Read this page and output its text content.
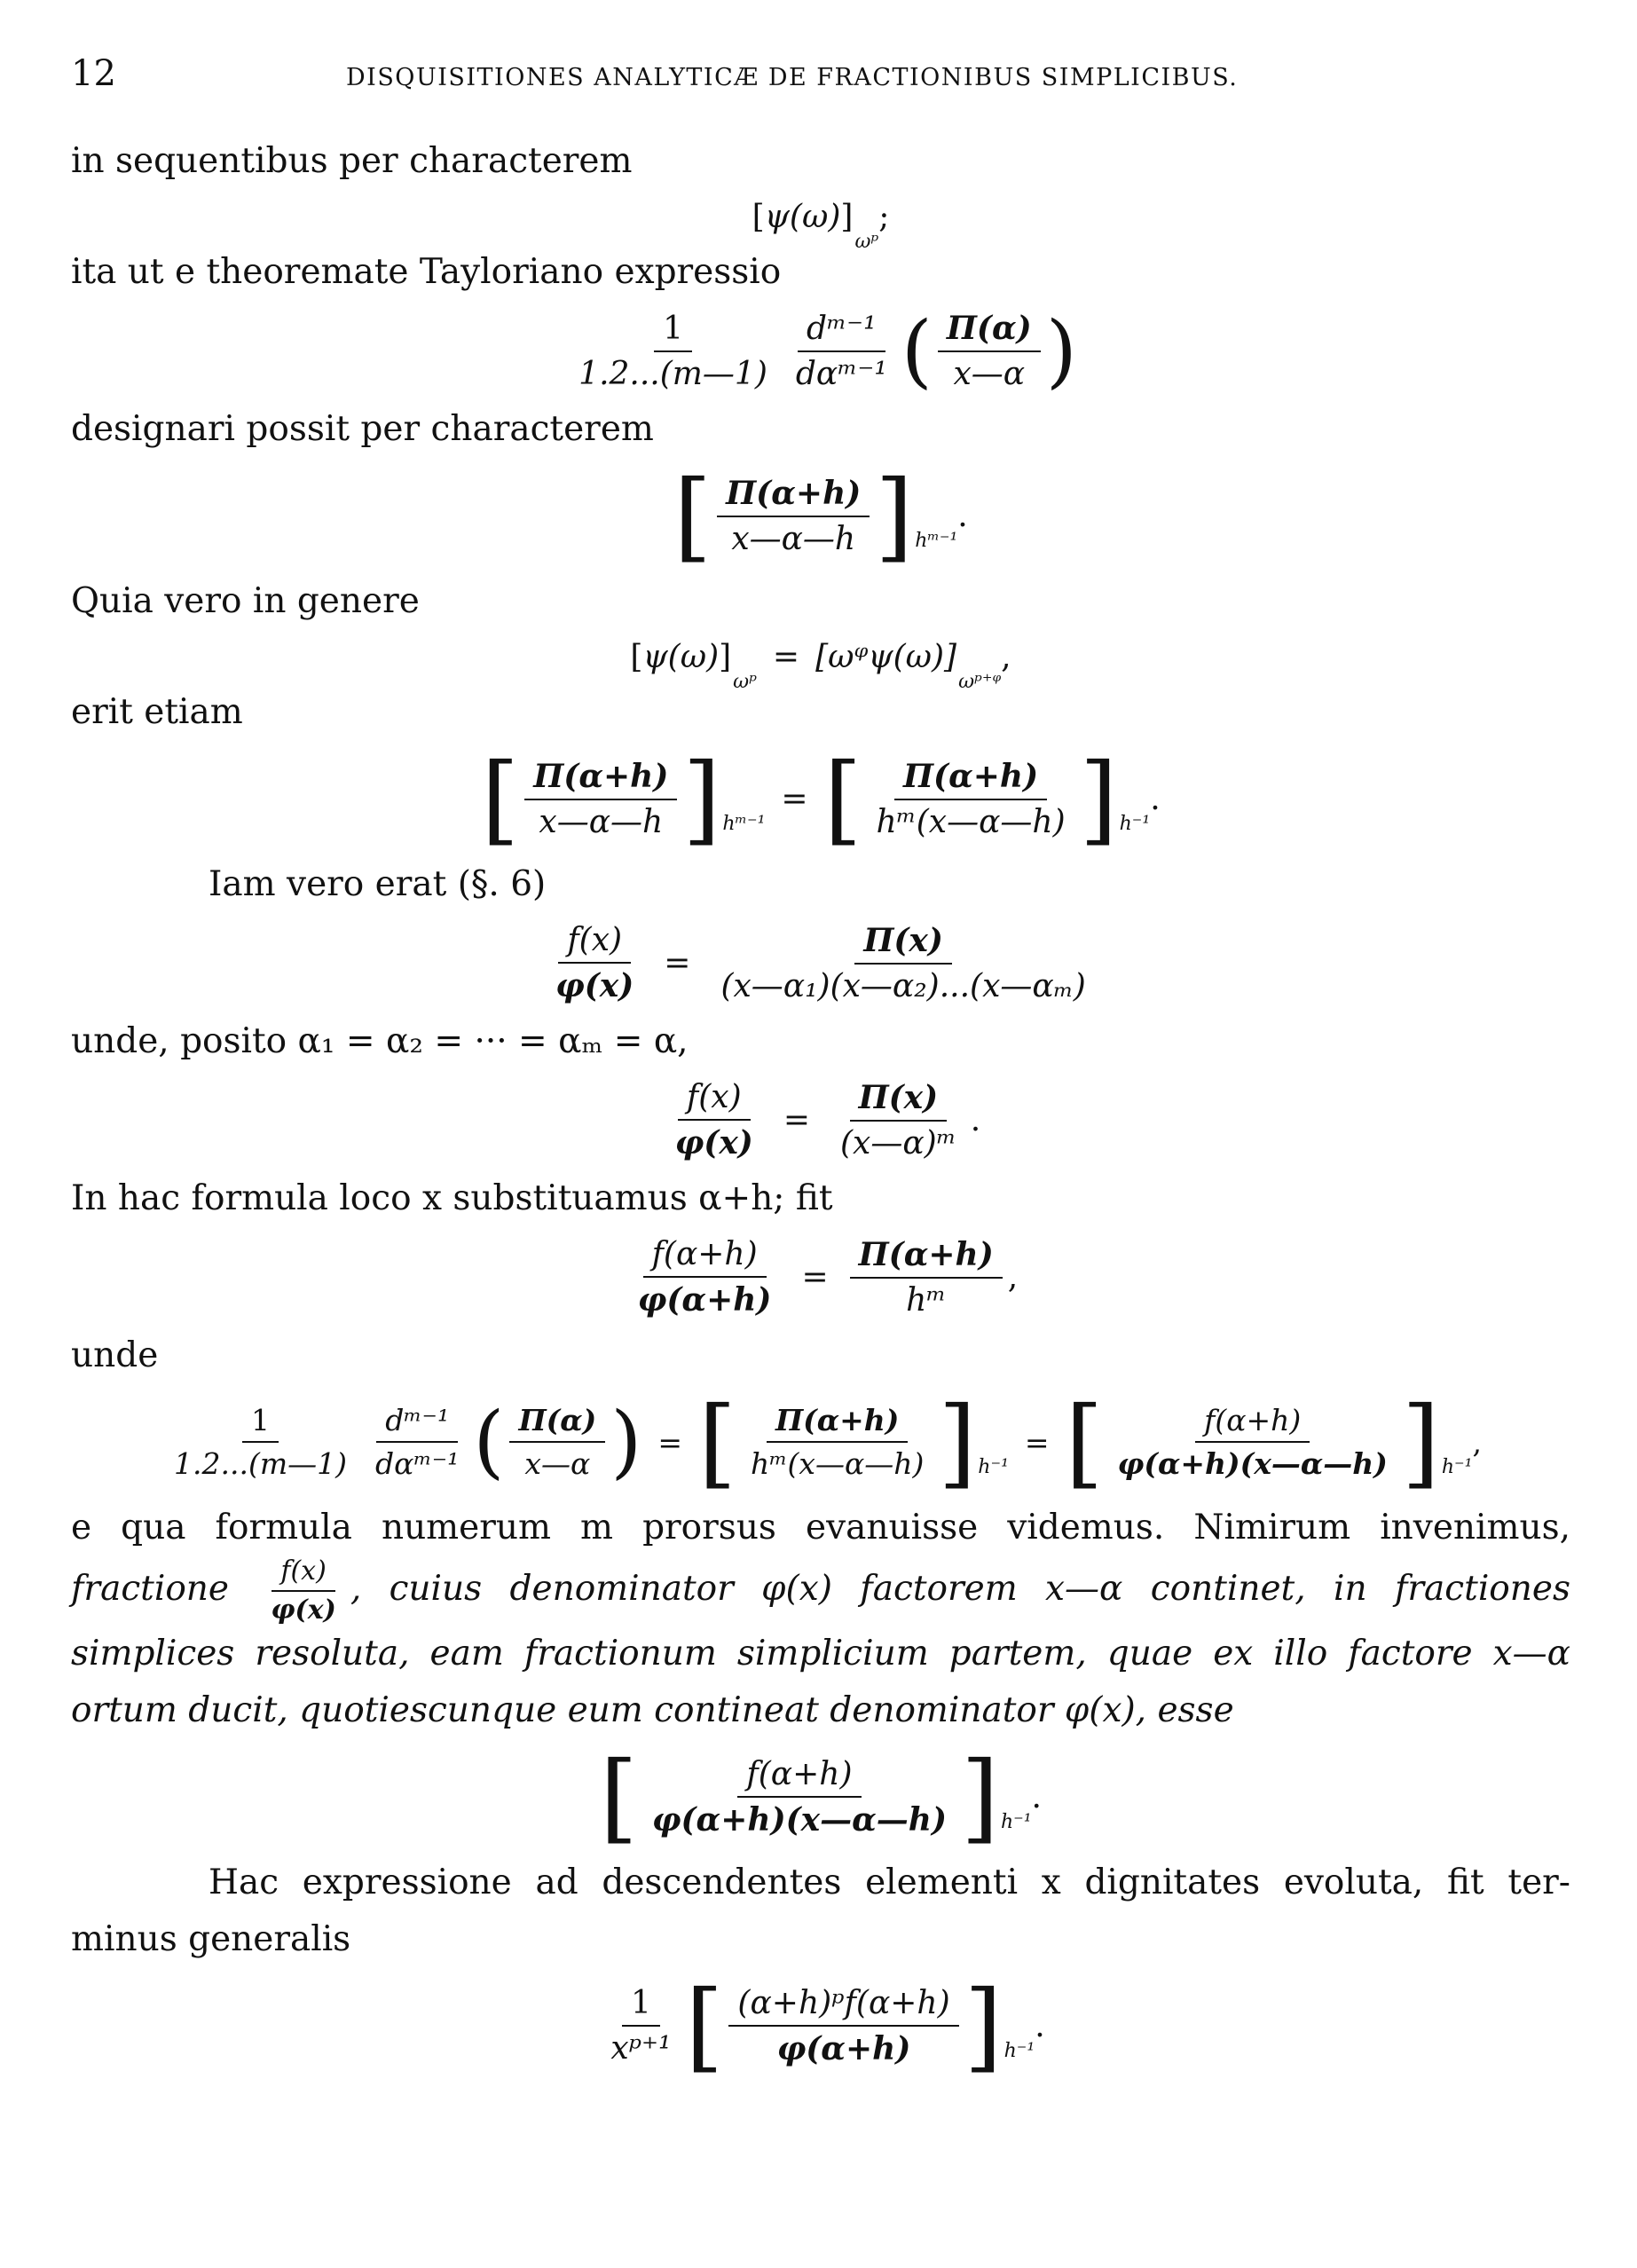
12	DISQUISITIONES ANALYTICÆ DE FRACTIONIBUS SIMPLICIBUS.

in sequentibus per characterem

[ ψ(ω) ]
ωᵖ
;

ita ut e theoremate Tayloriano expressio

$\frac{1}{1.2...(m—1)} \frac{\text{dᵐ⁻¹}}{\text{dαᵐ⁻¹}}$ ( $\frac{\Pi(\alpha)}{x—\alpha}$ )

designari possit per characterem

[ $\frac{\Pi(\alpha+h)}{x—\alpha—h}$ ] hᵐ⁻¹
.

Quia vero in genere

[ ψ(ω) ]
ωᵖ
= [ωᵠψ(ω)]
ωᵖ⁺ᵠ
,

erit etiam

[ $\frac{\Pi(\alpha+h)}{x—\alpha—h}$ ] hᵐ⁻¹
= [ $\frac{\Pi(\alpha+h)}{\text{hᵐ(x—α—h)}}$ ] h⁻¹
.

Iam vero erat (§. 6)

$\frac{f(x)}{\varphi(x)} = \frac{\Pi(x)}{\text{(x—α₁)(x—α₂)...(x—αₘ)}}$

unde, posito α₁ = α₂ = ··· = αₘ = α,

$\frac{f(x)}{\varphi(x)} = \frac{\Pi(x)}{\text{(x—α)ᵐ}}$ .

In hac formula loco x substituamus α+h; fit

$\frac{f(\alpha+h)}{\varphi(\alpha+h)} = \frac{\Pi(\alpha+h)}{\text{hᵐ}}$ ,

unde

$\frac{1}{1.2...(m—1)} \frac{\text{dᵐ⁻¹}}{\text{dαᵐ⁻¹}}$ ( $\frac{\Pi(\alpha)}{x—\alpha}$ ) = [ $\frac{\Pi(\alpha+h)}{\text{hᵐ(x—α—h)}}$ ] h⁻¹
= [ $\frac{f(\alpha+h)}{\varphi(\alpha+h)(x—\alpha—h)}$ ] h⁻¹
,

e qua formula numerum m prorsus evanuisse videmus. Nimirum invenimus,

fractione $\frac{f(x)}{\varphi(x)}$ , cuius denominator φ(x) factorem x—α continet, in fractiones

simplices resoluta, eam fractionum simplicium partem, quae ex illo factore x—α

ortum ducit, quotiescunque eum contineat denominator φ(x), esse

[ $\frac{f(\alpha+h)}{\varphi(\alpha+h)(x—\alpha—h)}$ ] h⁻¹
.

Hac expressione ad descendentes elementi x dignitates evoluta, fit ter-

minus generalis

$\frac{1}{\text{xᵖ⁺¹}}$ [ $\frac{\text{(α+h)ᵖf(α+h)}}{\varphi(\alpha+h)}$ ] h⁻¹
.
